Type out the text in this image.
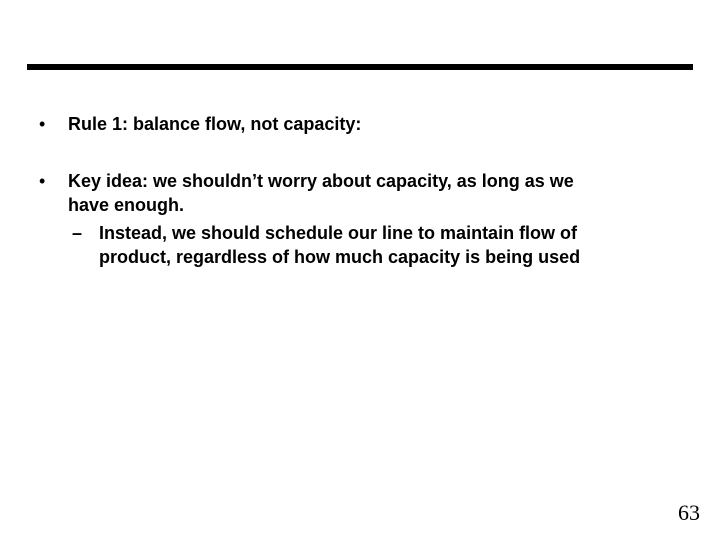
• Rule 1: balance flow, not capacity:
• Key idea: we shouldn’t worry about capacity, as long as we
have enough.
– Instead, we should schedule our line to maintain flow of
product, regardless of how much capacity is being used
63
